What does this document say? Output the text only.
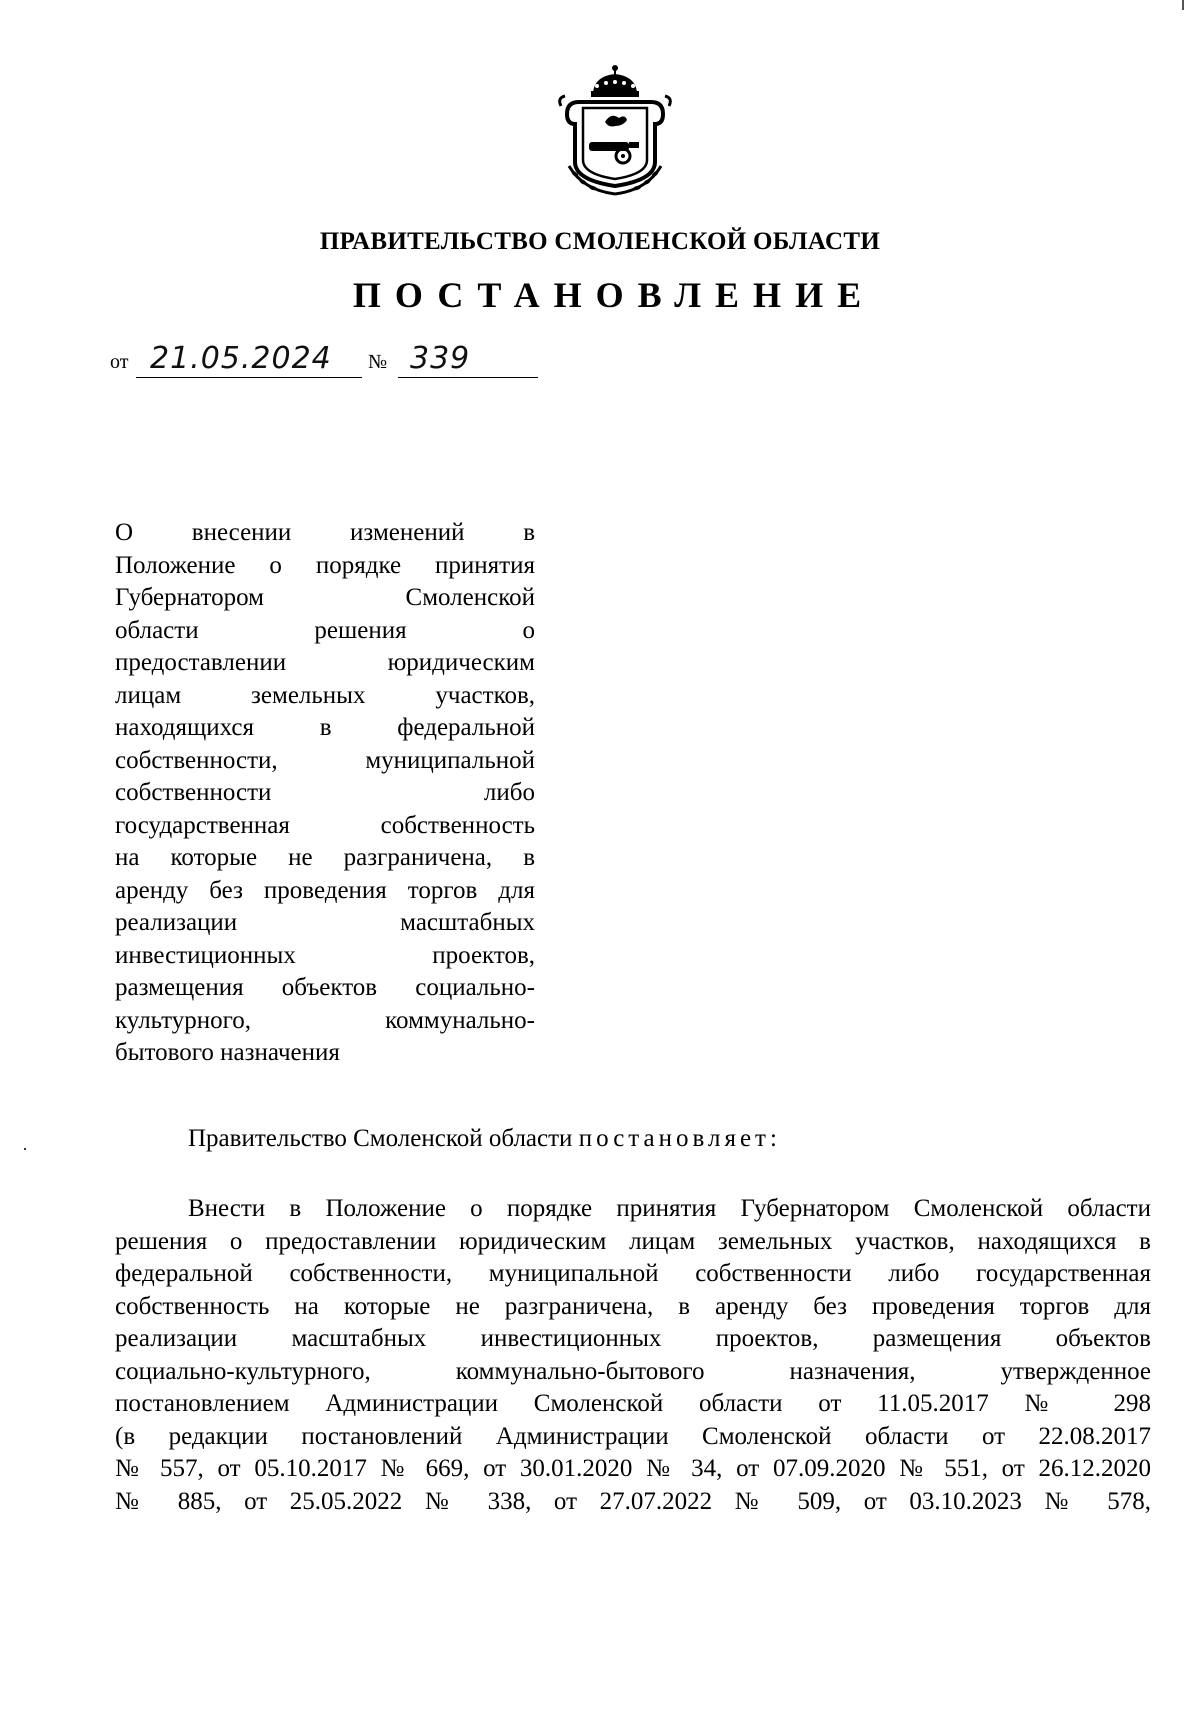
ПРАВИТЕЛЬСТВО СМОЛЕНСКОЙ ОБЛАСТИ
ПОСТАНОВЛЕНИЕ
от 21.05.2024 № 339
О внесении изменений в
Положение о порядке принятия
Губернатором Смоленской
области решения о
предоставлении юридическим
лицам земельных участков,
находящихся в федеральной
собственности, муниципальной
собственности либо
государственная собственность
на которые не разграничена, в
аренду без проведения торгов для
реализации масштабных
инвестиционных проектов,
размещения объектов социально-
культурного, коммунально-
бытового назначения
Правительство Смоленской области постановляет:
Внести в Положение о порядке принятия Губернатором Смоленской области
решения о предоставлении юридическим лицам земельных участков, находящихся в
федеральной собственности, муниципальной собственности либо государственная
собственность на которые не разграничена, в аренду без проведения торгов для
реализации масштабных инвестиционных проектов, размещения объектов
социально-культурного, коммунально-бытового назначения, утвержденное
постановлением Администрации Смоленской области от 11.05.2017 № 298
(в редакции постановлений Администрации Смоленской области от 22.08.2017
№ 557, от 05.10.2017 № 669, от 30.01.2020 № 34, от 07.09.2020 № 551, от 26.12.2020
№ 885, от 25.05.2022 № 338, от 27.07.2022 № 509, от 03.10.2023 № 578,
